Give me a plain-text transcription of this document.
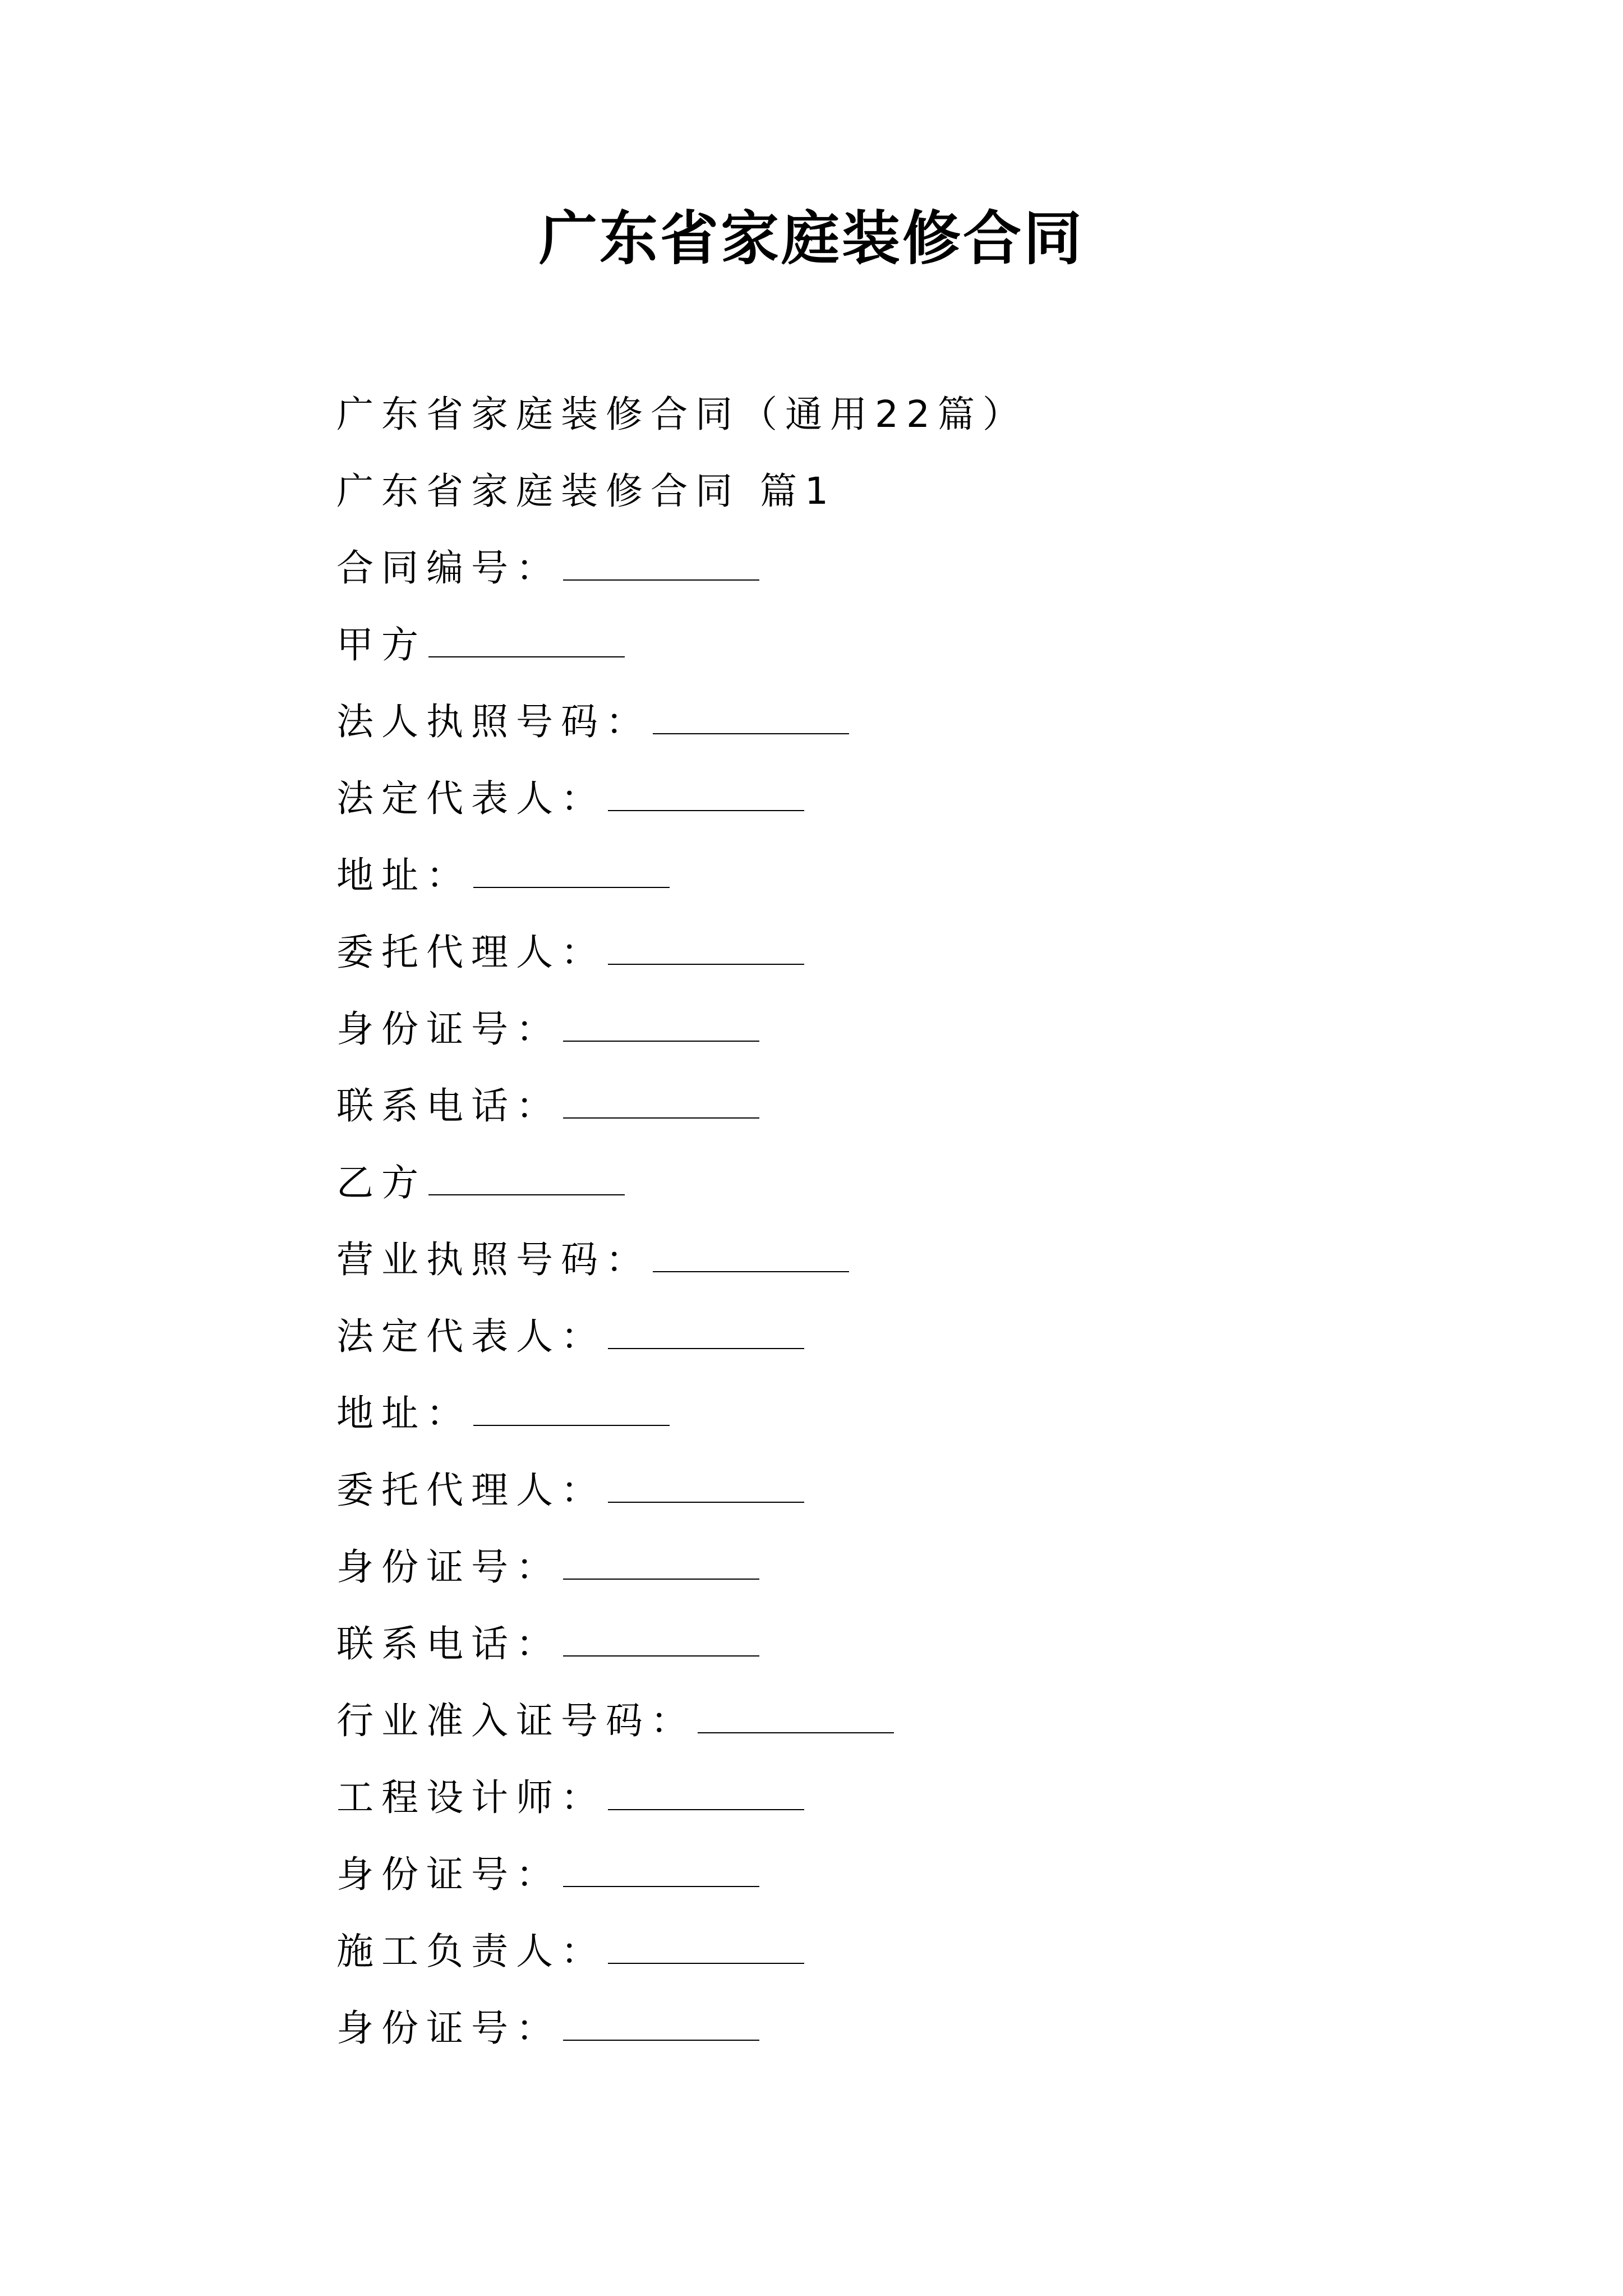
广东省家庭装修合同
广东省家庭装修合同（通用22篇）
广东省家庭装修合同 篇1
合同编号：
甲方
法人执照号码：
法定代表人：
地址：
委托代理人：
身份证号：
联系电话：
乙方
营业执照号码：
法定代表人：
地址：
委托代理人：
身份证号：
联系电话：
行业准入证号码：
工程设计师：
身份证号：
施工负责人：
身份证号：
